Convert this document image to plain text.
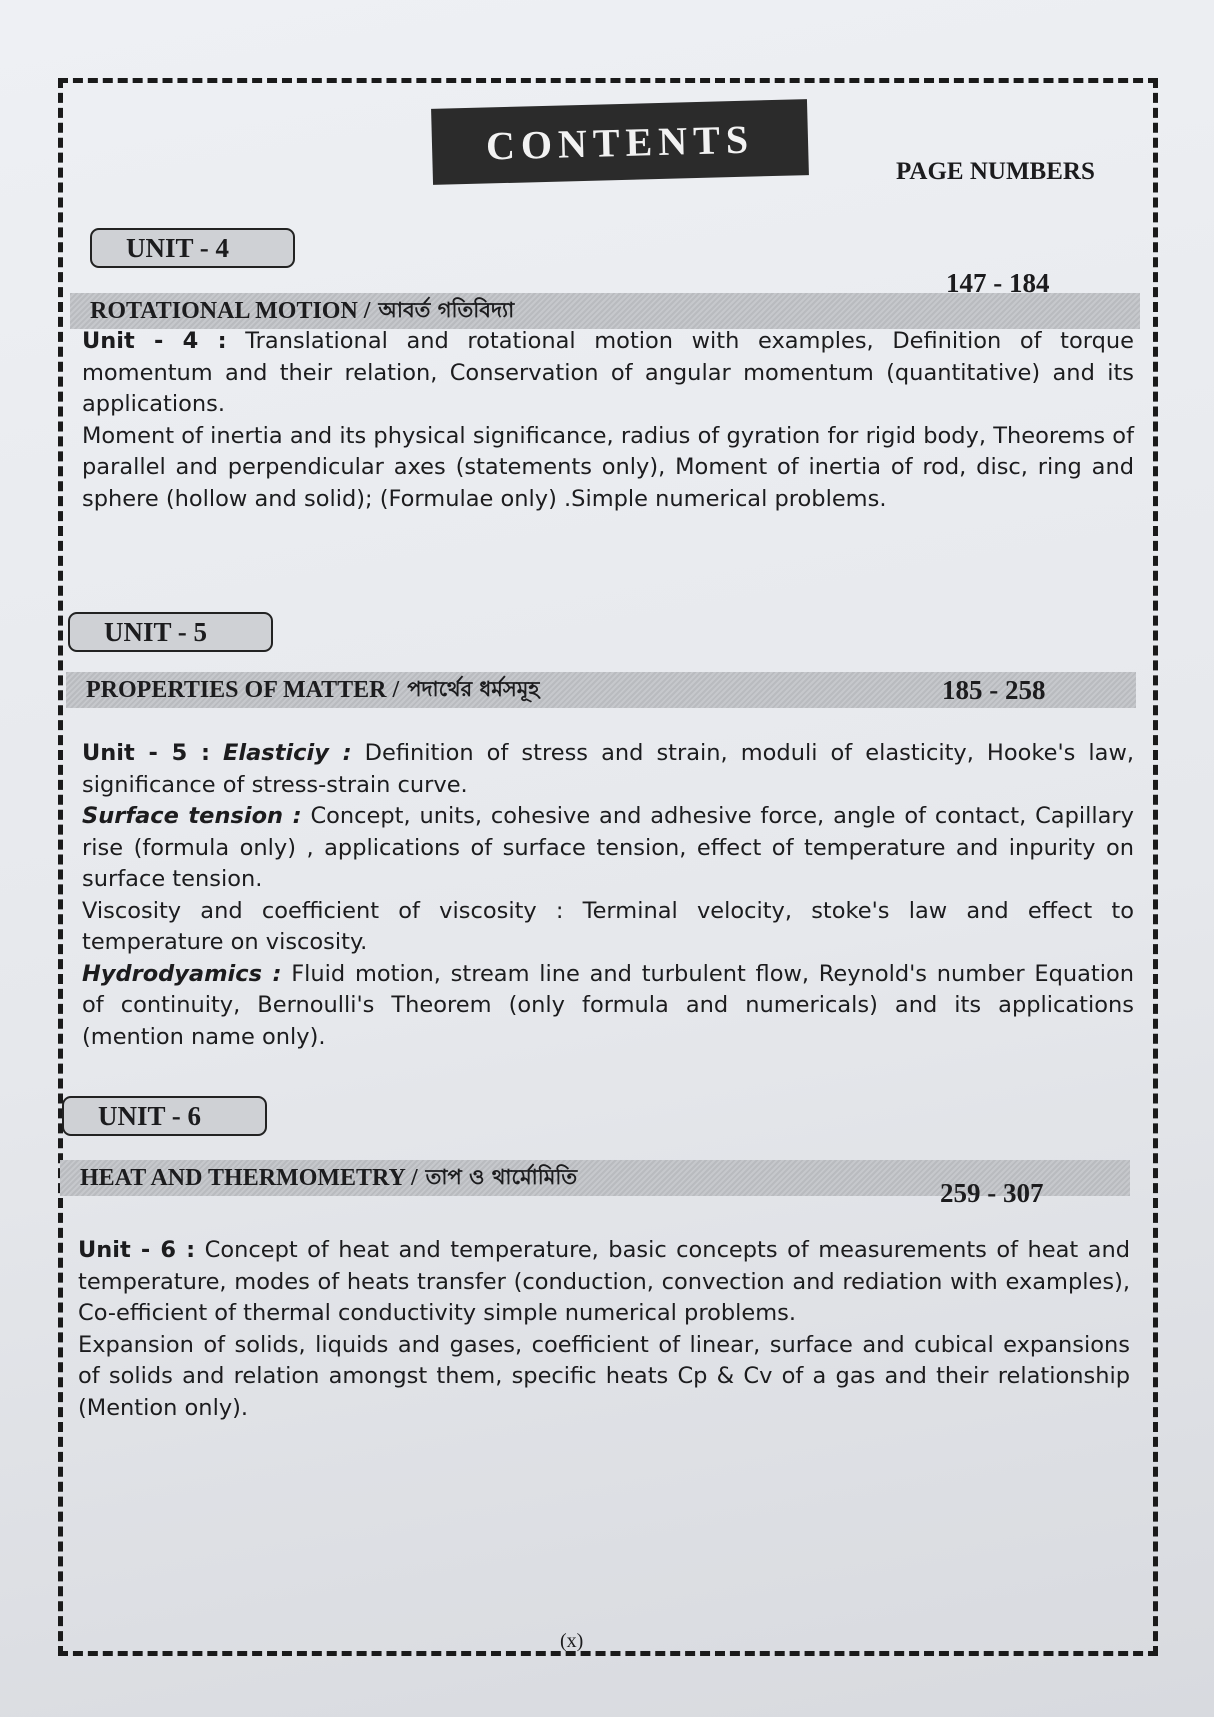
CONTENTS
PAGE NUMBERS
UNIT - 4
ROTATIONAL MOTION / আবর্ত গতিবিদ্যা
147 - 184

Unit - 4 : Translational and rotational motion with examples, Definition of torque momentum and their relation, Conservation of angular momentum (quantitative) and its applications.

Moment of inertia and its physical significance, radius of gyration for rigid body, Theorems of parallel and perpendicular axes (statements only), Moment of inertia of rod, disc, ring and sphere (hollow and solid); (Formulae only) .Simple numerical problems.

UNIT - 5
PROPERTIES OF MATTER / পদার্থের ধর্মসমূহ	185 - 258

Unit - 5 : Elasticiy : Definition of stress and strain, moduli of elasticity, Hooke's law, significance of stress-strain curve.

Surface tension : Concept, units, cohesive and adhesive force, angle of contact, Capillary rise (formula only) , applications of surface tension, effect of temperature and inpurity on surface tension.

Viscosity and coefficient of viscosity : Terminal velocity, stoke's law and effect to temperature on viscosity.

Hydrodyamics : Fluid motion, stream line and turbulent flow, Reynold's number Equation of continuity, Bernoulli's Theorem (only formula and numericals) and its applications (mention name only).

UNIT - 6
HEAT AND THERMOMETRY / তাপ ও থার্মোমিতি
259 - 307

Unit - 6 : Concept of heat and temperature, basic concepts of measurements of heat and temperature, modes of heats transfer (conduction, convection and rediation with examples), Co-efficient of thermal conductivity simple numerical problems.

Expansion of solids, liquids and gases, coefficient of linear, surface and cubical expansions of solids and relation amongst them, specific heats Cp & Cv of a gas and their relationship (Mention only).

(x)
